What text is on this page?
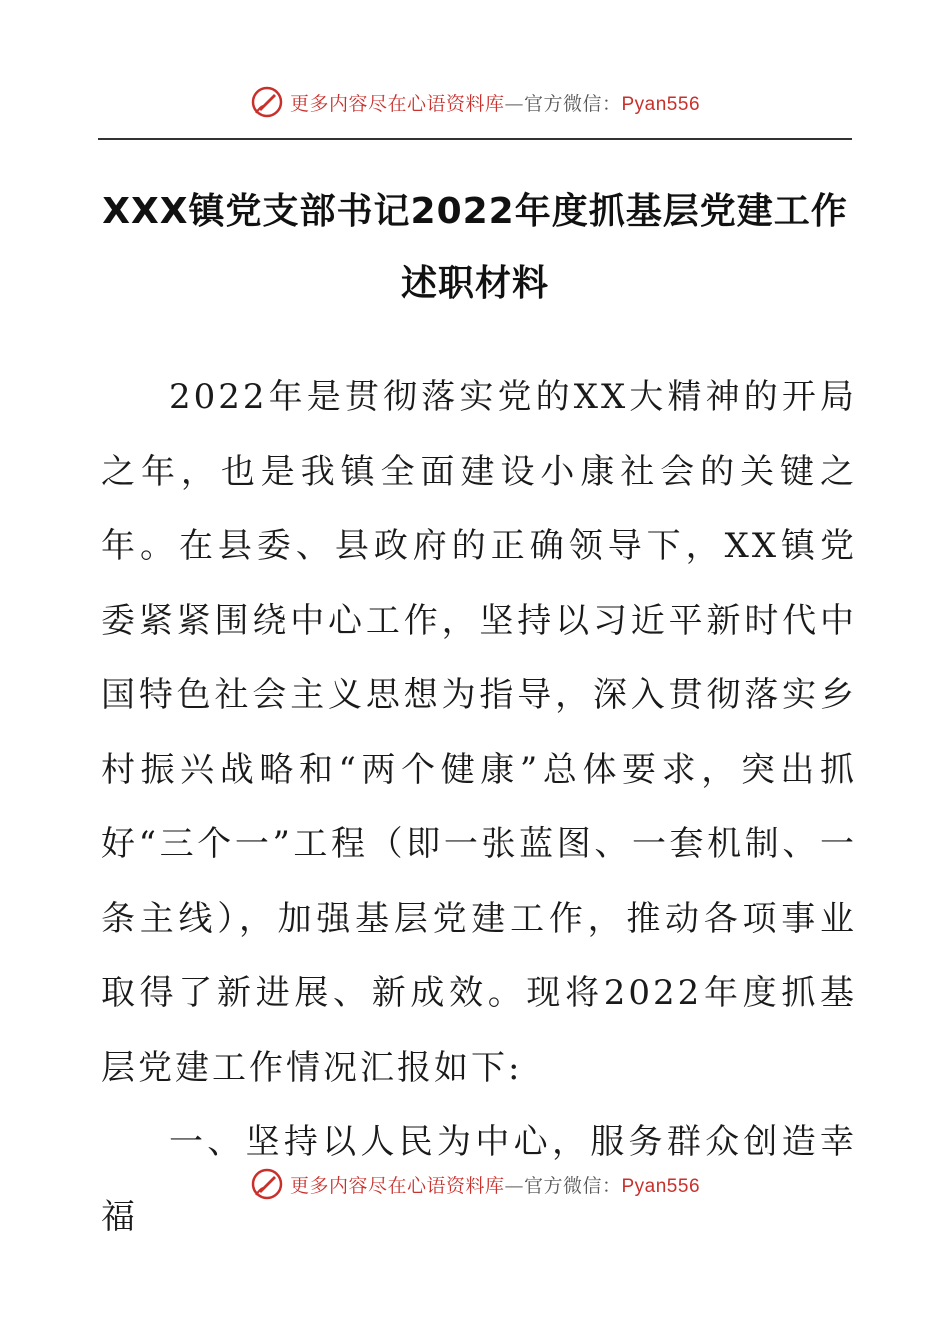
更多内容尽在心语资料库—官方微信：Pyan556
XXX镇党支部书记2022年度抓基层党建工作述职材料

2022年是贯彻落实党的XX大精神的开局之年，也是我镇全面建设小康社会的关键之年。在县委、县政府的正确领导下，XX镇党委紧紧围绕中心工作，坚持以习近平新时代中国特色社会主义思想为指导，深入贯彻落实乡村振兴战略和“两个健康”总体要求，突出抓好“三个一”工程（即一张蓝图、一套机制、一条主线），加强基层党建工作，推动各项事业取得了新进展、新成效。现将2022年度抓基层党建工作情况汇报如下:

一、坚持以人民为中心，服务群众创造幸福

更多内容尽在心语资料库—官方微信：Pyan556
